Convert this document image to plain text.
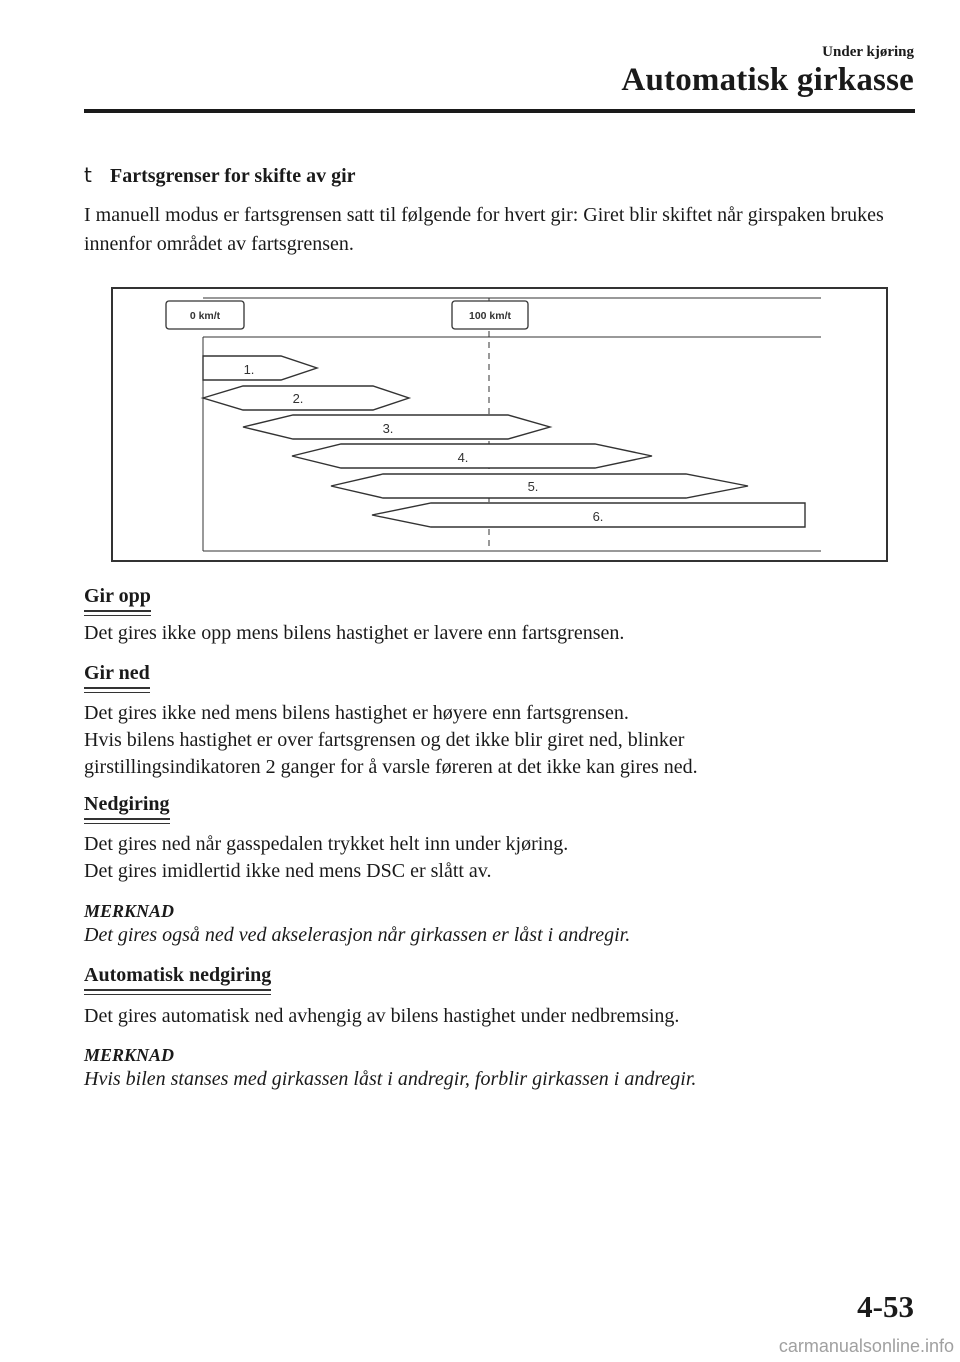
Under kjøring
Automatisk girkasse
t Fartsgrenser for skifte av gir
I manuell modus er fartsgrensen satt til følgende for hvert gir: Giret blir skiftet når girspaken brukes innenfor området av fartsgrensen.
0 km/t	100 km/t
1.
2.
3.
4.
5.
6.
Gir opp
Det gires ikke opp mens bilens hastighet er lavere enn fartsgrensen.
Gir ned
Det gires ikke ned mens bilens hastighet er høyere enn fartsgrensen.
Hvis bilens hastighet er over fartsgrensen og det ikke blir giret ned, blinker
girstillingsindikatoren 2 ganger for å varsle føreren at det ikke kan gires ned.
Nedgiring
Det gires ned når gasspedalen trykket helt inn under kjøring.
Det gires imidlertid ikke ned mens DSC er slått av.
MERKNAD
Det gires også ned ved akselerasjon når girkassen er låst i andregir.
Automatisk nedgiring
Det gires automatisk ned avhengig av bilens hastighet under nedbremsing.
MERKNAD
Hvis bilen stanses med girkassen låst i andregir, forblir girkassen i andregir.
4-53
carmanualsonline.info
